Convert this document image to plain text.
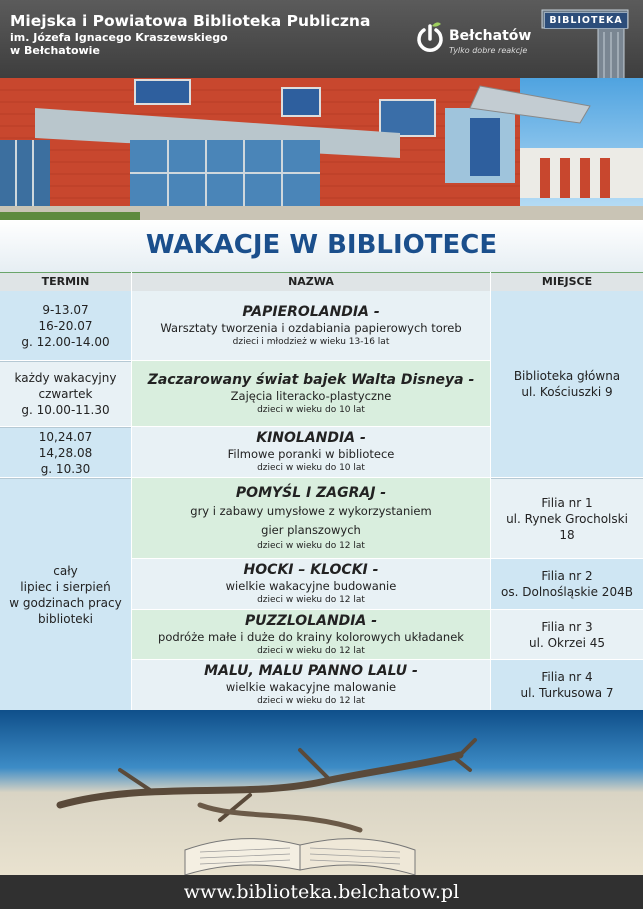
Miejska i Powiatowa Biblioteka Publiczna
im. Józefa Ignacego Kraszewskiego
w Bełchatowie
Bełchatów
Tylko dobre reakcje
BIBLIOTEKA
WAKACJE W BIBLIOTECE
TERMIN	NAZWA	MIEJSCE
9-13.07
16-20.07
g. 12.00-14.00
każdy wakacyjny
czwartek
g. 10.00-11.30
10,24.07
14,28.08
g. 10.30
cały
lipiec i sierpień
w godzinach pracy
biblioteki
PAPIEROLANDIA -
Warsztaty tworzenia i ozdabiania papierowych toreb
dzieci i młodzież w wieku 13-16 lat
Zaczarowany świat bajek Walta Disneya -
Zajęcia literacko-plastyczne
dzieci w wieku do 10 lat
KINOLANDIA -
Filmowe poranki w bibliotece
dzieci w wieku do 10 lat
POMYŚL I ZAGRAJ -
gry i zabawy umysłowe z wykorzystaniem
gier planszowych
dzieci w wieku do 12 lat
HOCKI – KLOCKI -
wielkie wakacyjne budowanie
dzieci w wieku do 12 lat
PUZZLOLANDIA -
podróże małe i duże do krainy kolorowych układanek
dzieci w wieku do 12 lat
MALU, MALU PANNO LALU -
wielkie wakacyjne malowanie
dzieci w wieku do 12 lat
Biblioteka główna
ul. Kościuszki 9
Filia nr 1
ul. Rynek Grocholski
18
Filia nr 2
os. Dolnośląskie 204B
Filia nr 3
ul. Okrzei 45
Filia nr 4
ul. Turkusowa 7
www.biblioteka.belchatow.pl
